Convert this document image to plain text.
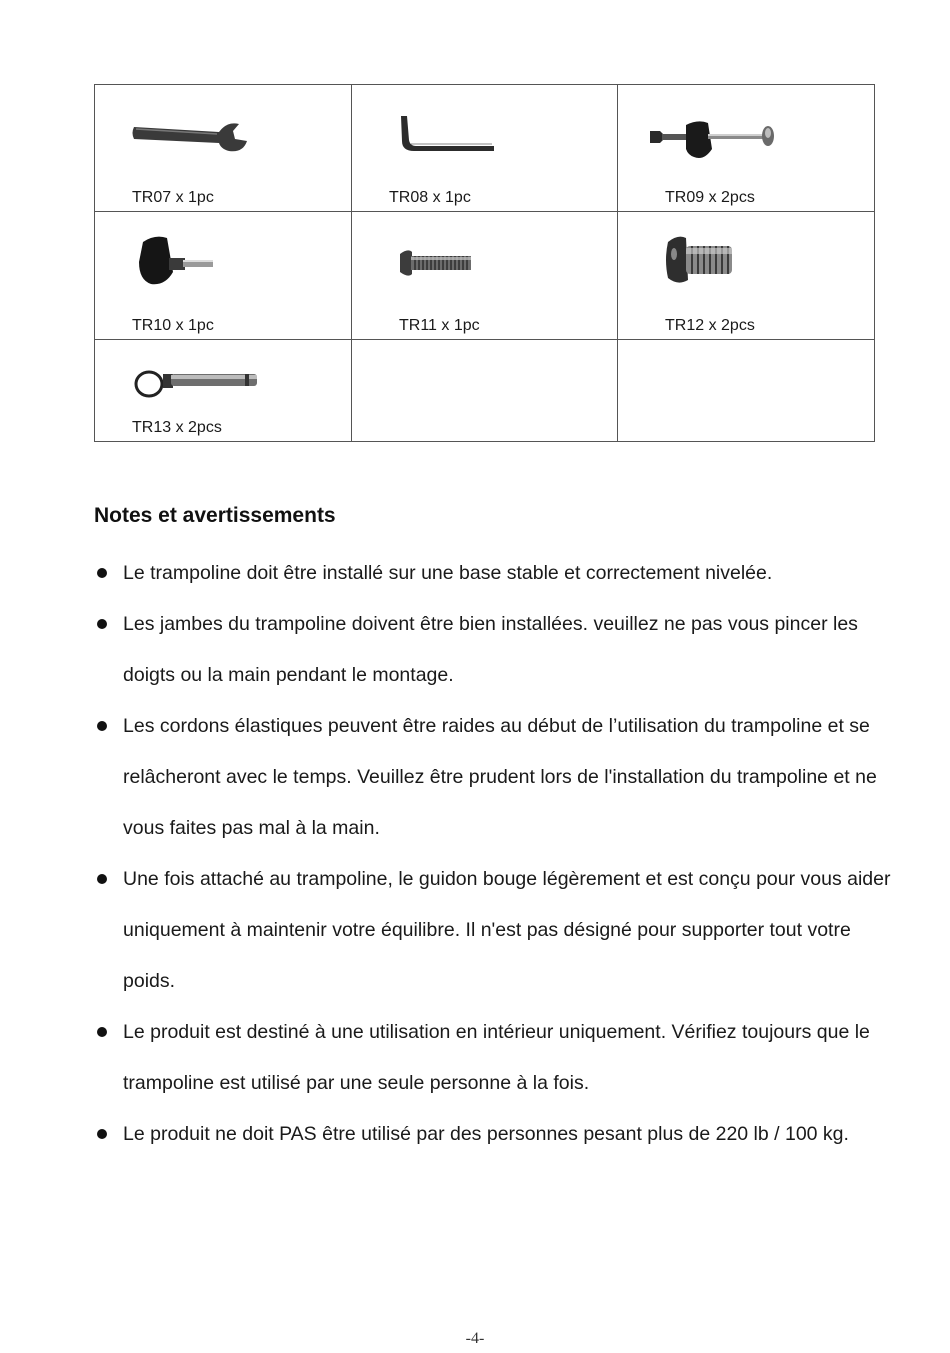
TR07 x 1pc	TR08 x 1pc	TR09 x 2pcs

TR10 x 1pc	TR11 x 1pc	TR12 x 2pcs

TR13 x 2pcs		

Notes et avertissements
Le trampoline doit être installé sur une base stable et correctement nivelée.
Les jambes du trampoline doivent être bien installées. veuillez ne pas vous pincer les doigts ou la main pendant le montage.
Les cordons élastiques peuvent être raides au début de l’utilisation du trampoline et se relâcheront avec le temps. Veuillez être prudent lors de l'installation du trampoline et ne vous faites pas mal à la main.
Une fois attaché au trampoline, le guidon bouge légèrement et est conçu pour vous aider uniquement à maintenir votre équilibre. Il n'est pas désigné pour supporter tout votre poids.
Le produit est destiné à une utilisation en intérieur uniquement. Vérifiez toujours que le trampoline est utilisé par une seule personne à la fois.
Le produit ne doit PAS être utilisé par des personnes pesant plus de 220 lb / 100 kg.
-4-
